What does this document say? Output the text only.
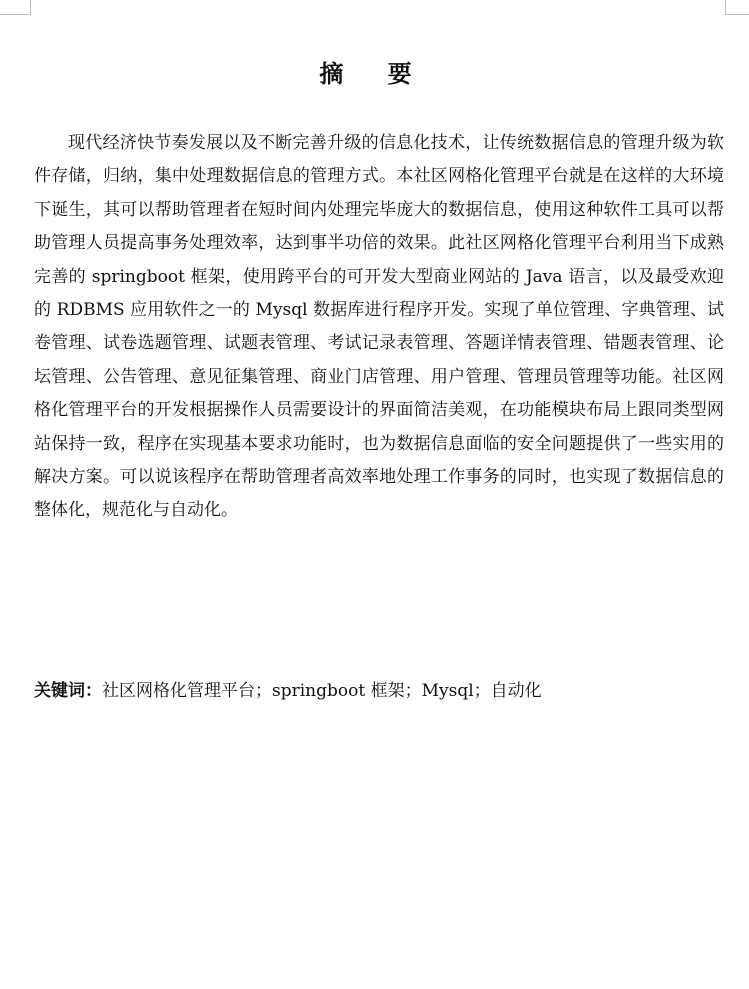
摘 要

现代经济快节奏发展以及不断完善升级的信息化技术，让传统数据信息的管理升级为软件存储，归纳，集中处理数据信息的管理方式。本社区网格化管理平台就是在这样的大环境下诞生，其可以帮助管理者在短时间内处理完毕庞大的数据信息，使用这种软件工具可以帮助管理人员提高事务处理效率，达到事半功倍的效果。此社区网格化管理平台利用当下成熟完善的 springboot 框架，使用跨平台的可开发大型商业网站的 Java 语言，以及最受欢迎的 RDBMS 应用软件之一的 Mysql 数据库进行程序开发。实现了单位管理、字典管理、试卷管理、试卷选题管理、试题表管理、考试记录表管理、答题详情表管理、错题表管理、论坛管理、公告管理、意见征集管理、商业门店管理、用户管理、管理员管理等功能。社区网格化管理平台的开发根据操作人员需要设计的界面简洁美观，在功能模块布局上跟同类型网站保持一致，程序在实现基本要求功能时，也为数据信息面临的安全问题提供了一些实用的解决方案。可以说该程序在帮助管理者高效率地处理工作事务的同时，也实现了数据信息的整体化，规范化与自动化。

关键词：社区网格化管理平台；springboot 框架；Mysql；自动化
